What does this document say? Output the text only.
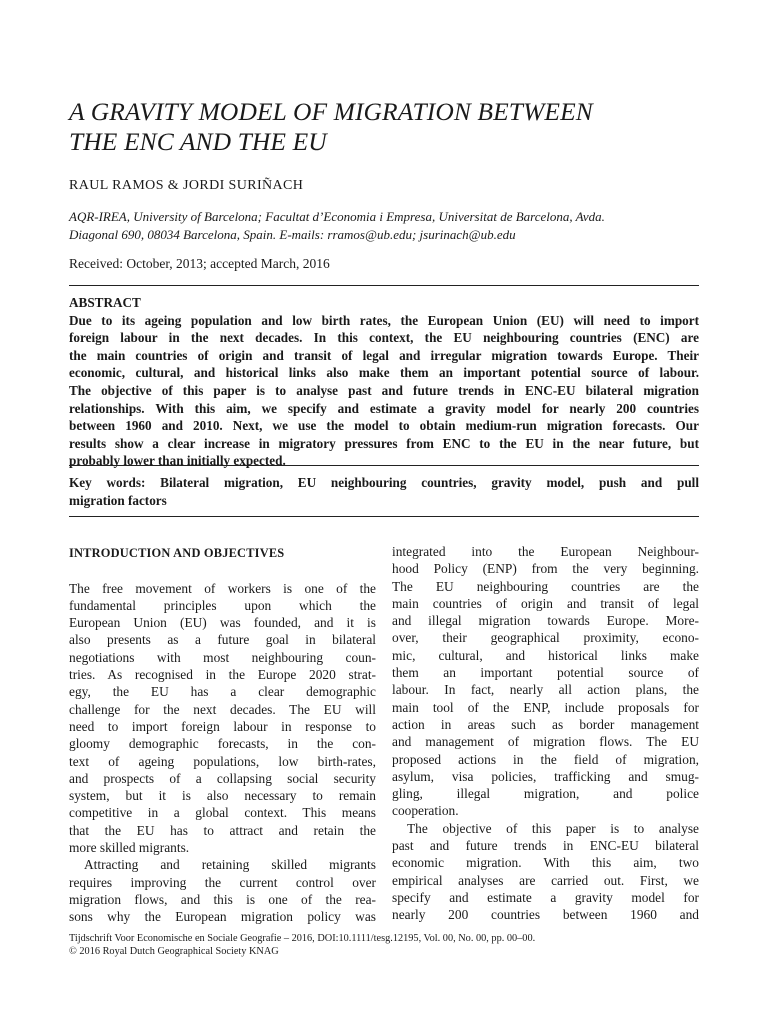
A GRAVITY MODEL OF MIGRATION BETWEEN
THE ENC AND THE EU
RAUL RAMOS & JORDI SURIÑACH
AQR-IREA, University of Barcelona; Facultat d’Economia i Empresa, Universitat de Barcelona, Avda.
Diagonal 690, 08034 Barcelona, Spain. E-mails: rramos@ub.edu; jsurinach@ub.edu
Received: October, 2013; accepted March, 2016
ABSTRACT
Due to its ageing population and low birth rates, the European Union (EU) will need to import
foreign labour in the next decades. In this context, the EU neighbouring countries (ENC) are
the main countries of origin and transit of legal and irregular migration towards Europe. Their
economic, cultural, and historical links also make them an important potential source of labour.
The objective of this paper is to analyse past and future trends in ENC-EU bilateral migration
relationships. With this aim, we specify and estimate a gravity model for nearly 200 countries
between 1960 and 2010. Next, we use the model to obtain medium-run migration forecasts. Our
results show a clear increase in migratory pressures from ENC to the EU in the near future, but
probably lower than initially expected.
Key words: Bilateral migration, EU neighbouring countries, gravity model, push and pull
migration factors
INTRODUCTION AND OBJECTIVES
The free movement of workers is one of the
fundamental principles upon which the
European Union (EU) was founded, and it is
also presents as a future goal in bilateral
negotiations with most neighbouring coun-
tries. As recognised in the Europe 2020 strat-
egy, the EU has a clear demographic
challenge for the next decades. The EU will
need to import foreign labour in response to
gloomy demographic forecasts, in the con-
text of ageing populations, low birth-rates,
and prospects of a collapsing social security
system, but it is also necessary to remain
competitive in a global context. This means
that the EU has to attract and retain the
more skilled migrants.
Attracting and retaining skilled migrants
requires improving the current control over
migration flows, and this is one of the rea-
sons why the European migration policy was
integrated into the European Neighbour-
hood Policy (ENP) from the very beginning.
The EU neighbouring countries are the
main countries of origin and transit of legal
and illegal migration towards Europe. More-
over, their geographical proximity, econo-
mic, cultural, and historical links make
them an important potential source of
labour. In fact, nearly all action plans, the
main tool of the ENP, include proposals for
action in areas such as border management
and management of migration flows. The EU
proposed actions in the field of migration,
asylum, visa policies, trafficking and smug-
gling, illegal migration, and police
cooperation.
The objective of this paper is to analyse
past and future trends in ENC-EU bilateral
economic migration. With this aim, two
empirical analyses are carried out. First, we
specify and estimate a gravity model for
nearly 200 countries between 1960 and
Tijdschrift Voor Economische en Sociale Geografie – 2016, DOI:10.1111/tesg.12195, Vol. 00, No. 00, pp. 00–00.
© 2016 Royal Dutch Geographical Society KNAG
